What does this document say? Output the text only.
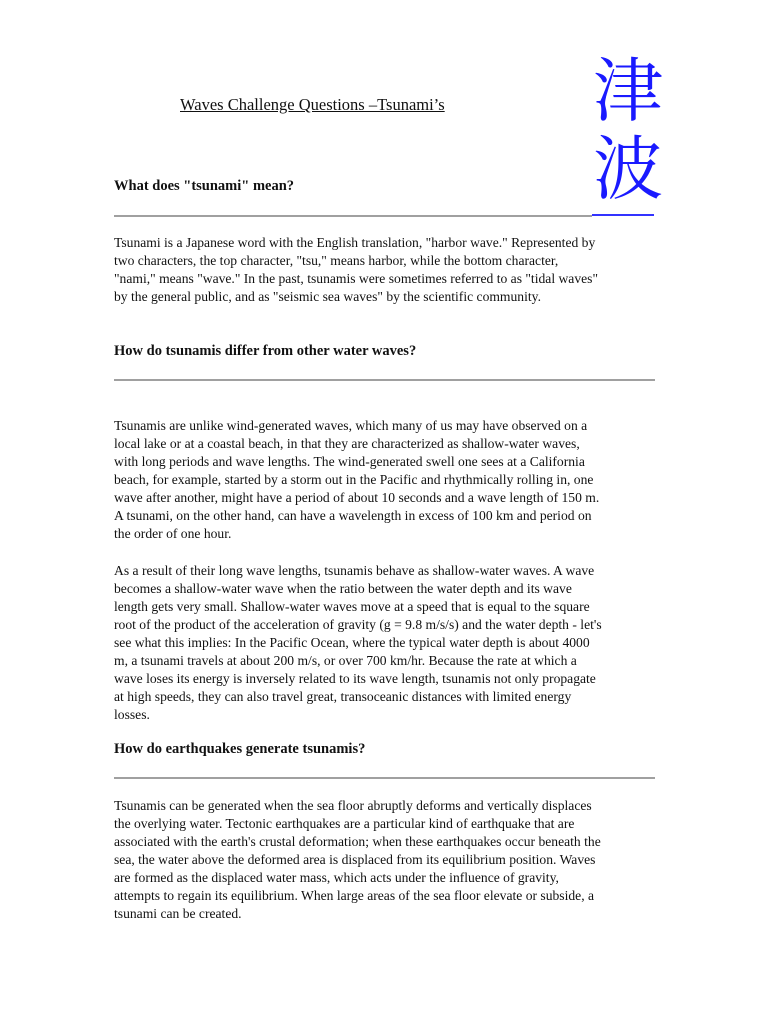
Waves Challenge Questions –Tsunami’s 津
波
What does "tsunami" mean?
Tsunami is a Japanese word with the English translation, "harbor wave." Represented by
two characters, the top character, "tsu," means harbor, while the bottom character,
"nami," means "wave." In the past, tsunamis were sometimes referred to as "tidal waves"
by the general public, and as "seismic sea waves" by the scientific community.
How do tsunamis differ from other water waves?
Tsunamis are unlike wind-generated waves, which many of us may have observed on a
local lake or at a coastal beach, in that they are characterized as shallow-water waves,
with long periods and wave lengths. The wind-generated swell one sees at a California
beach, for example, started by a storm out in the Pacific and rhythmically rolling in, one
wave after another, might have a period of about 10 seconds and a wave length of 150 m.
A tsunami, on the other hand, can have a wavelength in excess of 100 km and period on
the order of one hour.
As a result of their long wave lengths, tsunamis behave as shallow-water waves. A wave
becomes a shallow-water wave when the ratio between the water depth and its wave
length gets very small. Shallow-water waves move at a speed that is equal to the square
root of the product of the acceleration of gravity (g = 9.8 m/s/s) and the water depth - let's
see what this implies: In the Pacific Ocean, where the typical water depth is about 4000
m, a tsunami travels at about 200 m/s, or over 700 km/hr. Because the rate at which a
wave loses its energy is inversely related to its wave length, tsunamis not only propagate
at high speeds, they can also travel great, transoceanic distances with limited energy
losses.
How do earthquakes generate tsunamis?
Tsunamis can be generated when the sea floor abruptly deforms and vertically displaces
the overlying water. Tectonic earthquakes are a particular kind of earthquake that are
associated with the earth's crustal deformation; when these earthquakes occur beneath the
sea, the water above the deformed area is displaced from its equilibrium position. Waves
are formed as the displaced water mass, which acts under the influence of gravity,
attempts to regain its equilibrium. When large areas of the sea floor elevate or subside, a
tsunami can be created.
